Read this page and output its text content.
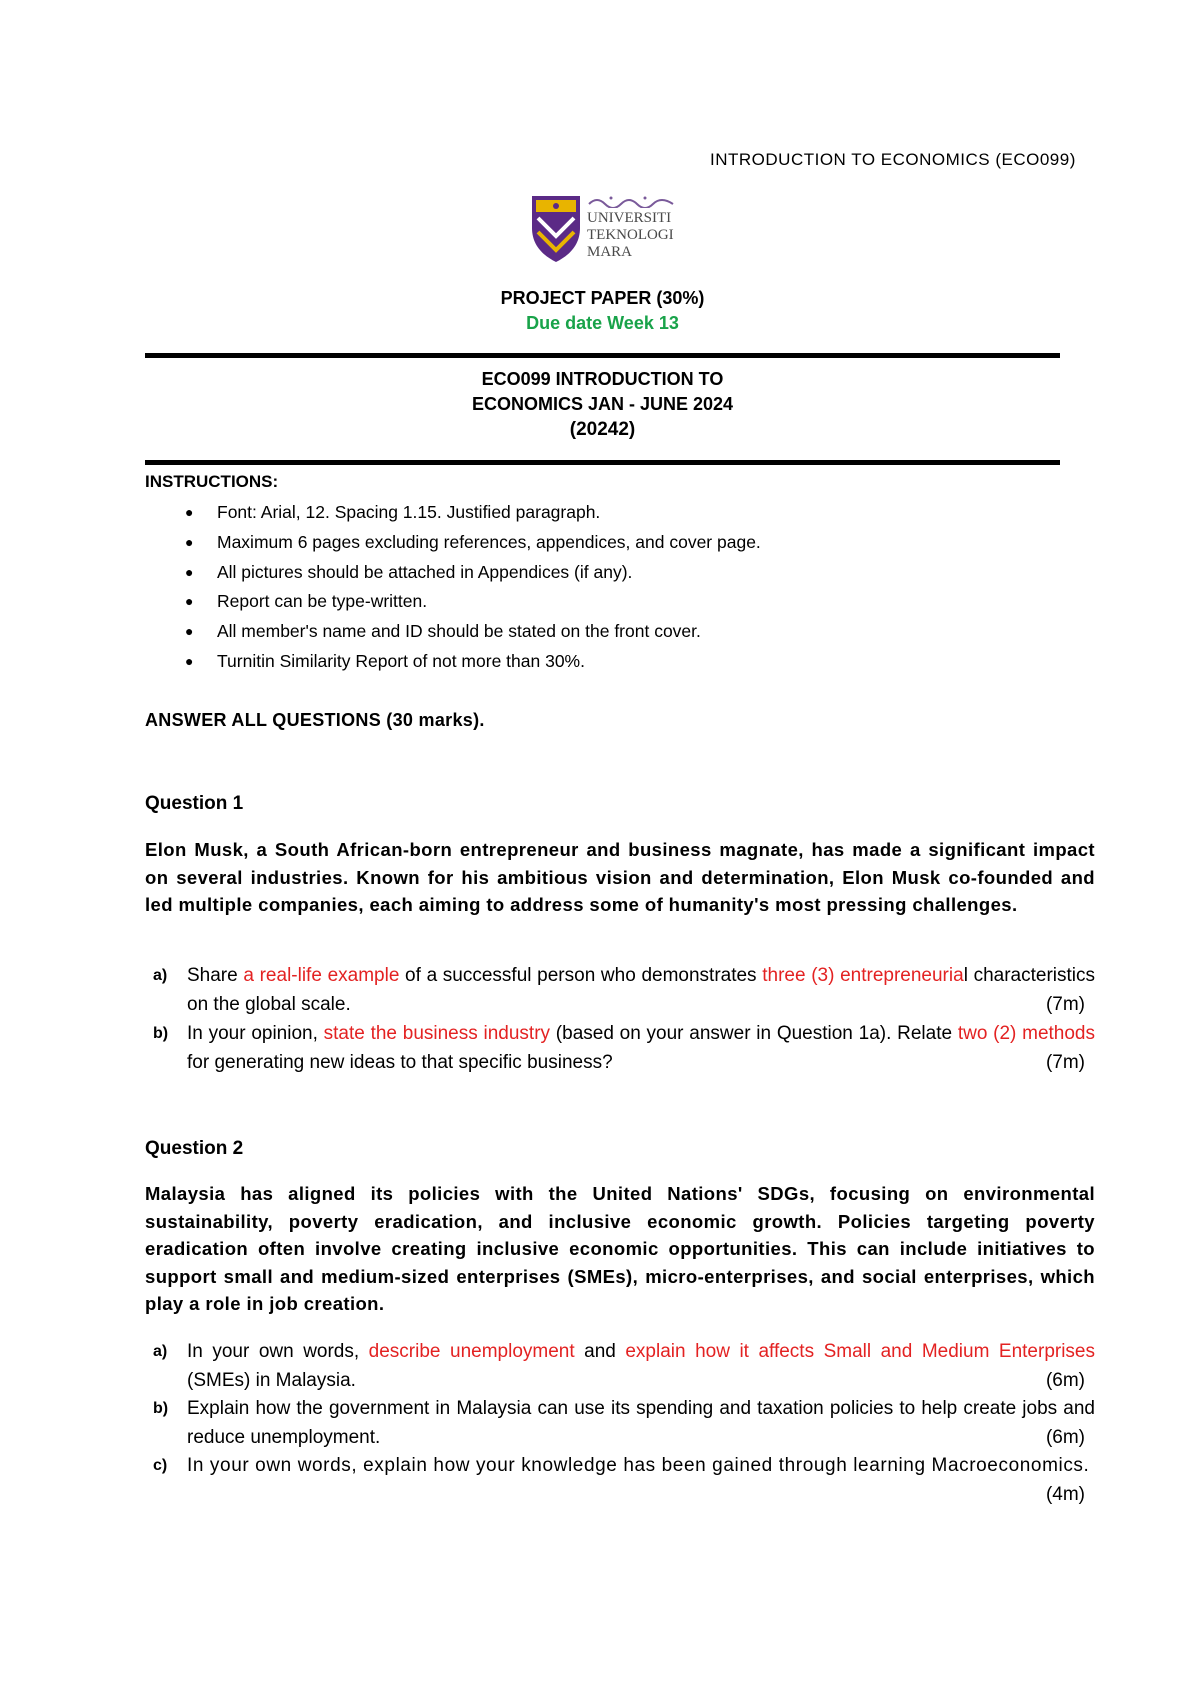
INTRODUCTION TO ECONOMICS (ECO099)
UNIVERSITI
TEKNOLOGI
MARA
PROJECT PAPER (30%)
Due date Week 13
ECO099 INTRODUCTION TO
ECONOMICS JAN - JUNE 2024
(20242)
INSTRUCTIONS:
● Font: Arial, 12. Spacing 1.15. Justified paragraph.
● Maximum 6 pages excluding references, appendices, and cover page.
● All pictures should be attached in Appendices (if any).
● Report can be type-written.
● All member's name and ID should be stated on the front cover.
● Turnitin Similarity Report of not more than 30%.
ANSWER ALL QUESTIONS (30 marks).
Question 1
Elon Musk, a South African-born entrepreneur and business magnate, has made a significant impact on several industries. Known for his ambitious vision and determination, Elon Musk co-founded and led multiple companies, each aiming to address some of humanity's most pressing challenges.
a) Share a real-life example of a successful person who demonstrates three (3) entrepreneurial characteristics on the global scale.	(7m)
b) In your opinion, state the business industry (based on your answer in Question 1a). Relate two (2) methods for generating new ideas to that specific business?	(7m)
Question 2
Malaysia has aligned its policies with the United Nations' SDGs, focusing on environmental sustainability, poverty eradication, and inclusive economic growth. Policies targeting poverty eradication often involve creating inclusive economic opportunities. This can include initiatives to support small and medium-sized enterprises (SMEs), micro-enterprises, and social enterprises, which play a role in job creation.
a) In your own words, describe unemployment and explain how it affects Small and Medium Enterprises (SMEs) in Malaysia.	(6m)
b) Explain how the government in Malaysia can use its spending and taxation policies to help create jobs and reduce unemployment.	(6m)
c) In your own words, explain how your knowledge has been gained through learning Macroeconomics.
(4m)
